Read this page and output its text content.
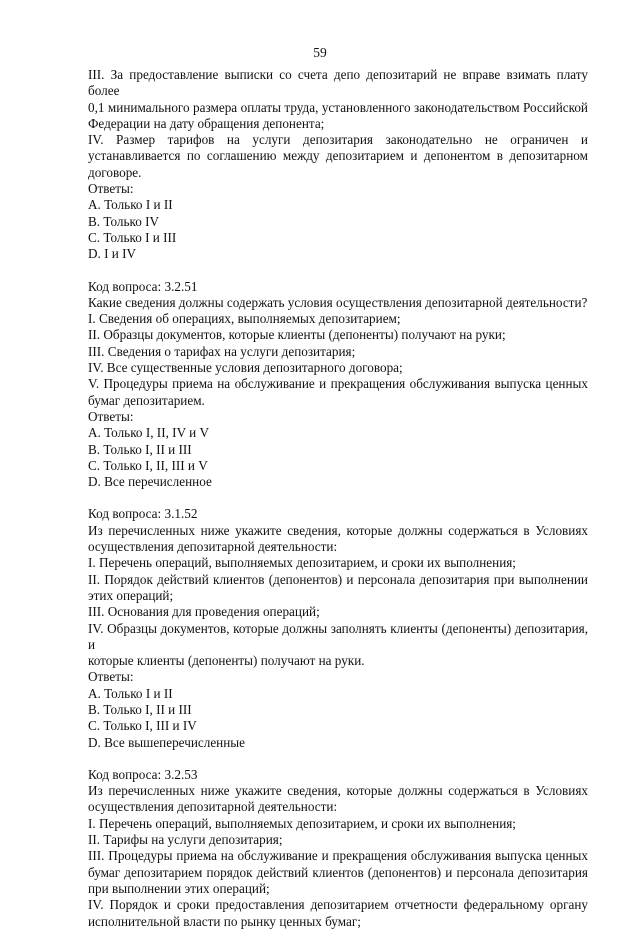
59
III. За предоставление выписки со счета депо депозитарий не вправе взимать плату более
0,1 минимального размера оплаты труда, установленного законодательством Российской
Федерации на дату обращения депонента;
IV. Размер тарифов на услуги депозитария законодательно не ограничен и
устанавливается по соглашению между депозитарием и депонентом в депозитарном
договоре.
Ответы:
A. Только I и II
B. Только IV
C. Только I и III
D. I и IV
Код вопроса: 3.2.51
Какие сведения должны содержать условия осуществления депозитарной деятельности?
I. Сведения об операциях, выполняемых депозитарием;
II. Образцы документов, которые клиенты (депоненты) получают на руки;
III. Сведения о тарифах на услуги депозитария;
IV. Все существенные условия депозитарного договора;
V. Процедуры приема на обслуживание и прекращения обслуживания выпуска ценных
бумаг депозитарием.
Ответы:
A. Только I, II, IV и V
B. Только I, II и III
C. Только I, II, III и V
D. Все перечисленное
Код вопроса: 3.1.52
Из перечисленных ниже укажите сведения, которые должны содержаться в Условиях
осуществления депозитарной деятельности:
I. Перечень операций, выполняемых депозитарием, и сроки их выполнения;
II. Порядок действий клиентов (депонентов) и персонала депозитария при выполнении
этих операций;
III. Основания для проведения операций;
IV. Образцы документов, которые должны заполнять клиенты (депоненты) депозитария, и
которые клиенты (депоненты) получают на руки.
Ответы:
A. Только I и II
B. Только I, II и III
C. Только I, III и IV
D. Все вышеперечисленные
Код вопроса: 3.2.53
Из перечисленных ниже укажите сведения, которые должны содержаться в Условиях
осуществления депозитарной деятельности:
I. Перечень операций, выполняемых депозитарием, и сроки их выполнения;
II. Тарифы на услуги депозитария;
III. Процедуры приема на обслуживание и прекращения обслуживания выпуска ценных
бумаг депозитарием порядок действий клиентов (депонентов) и персонала депозитария
при выполнении этих операций;
IV. Порядок и сроки предоставления депозитарием отчетности федеральному органу
исполнительной власти по рынку ценных бумаг;
